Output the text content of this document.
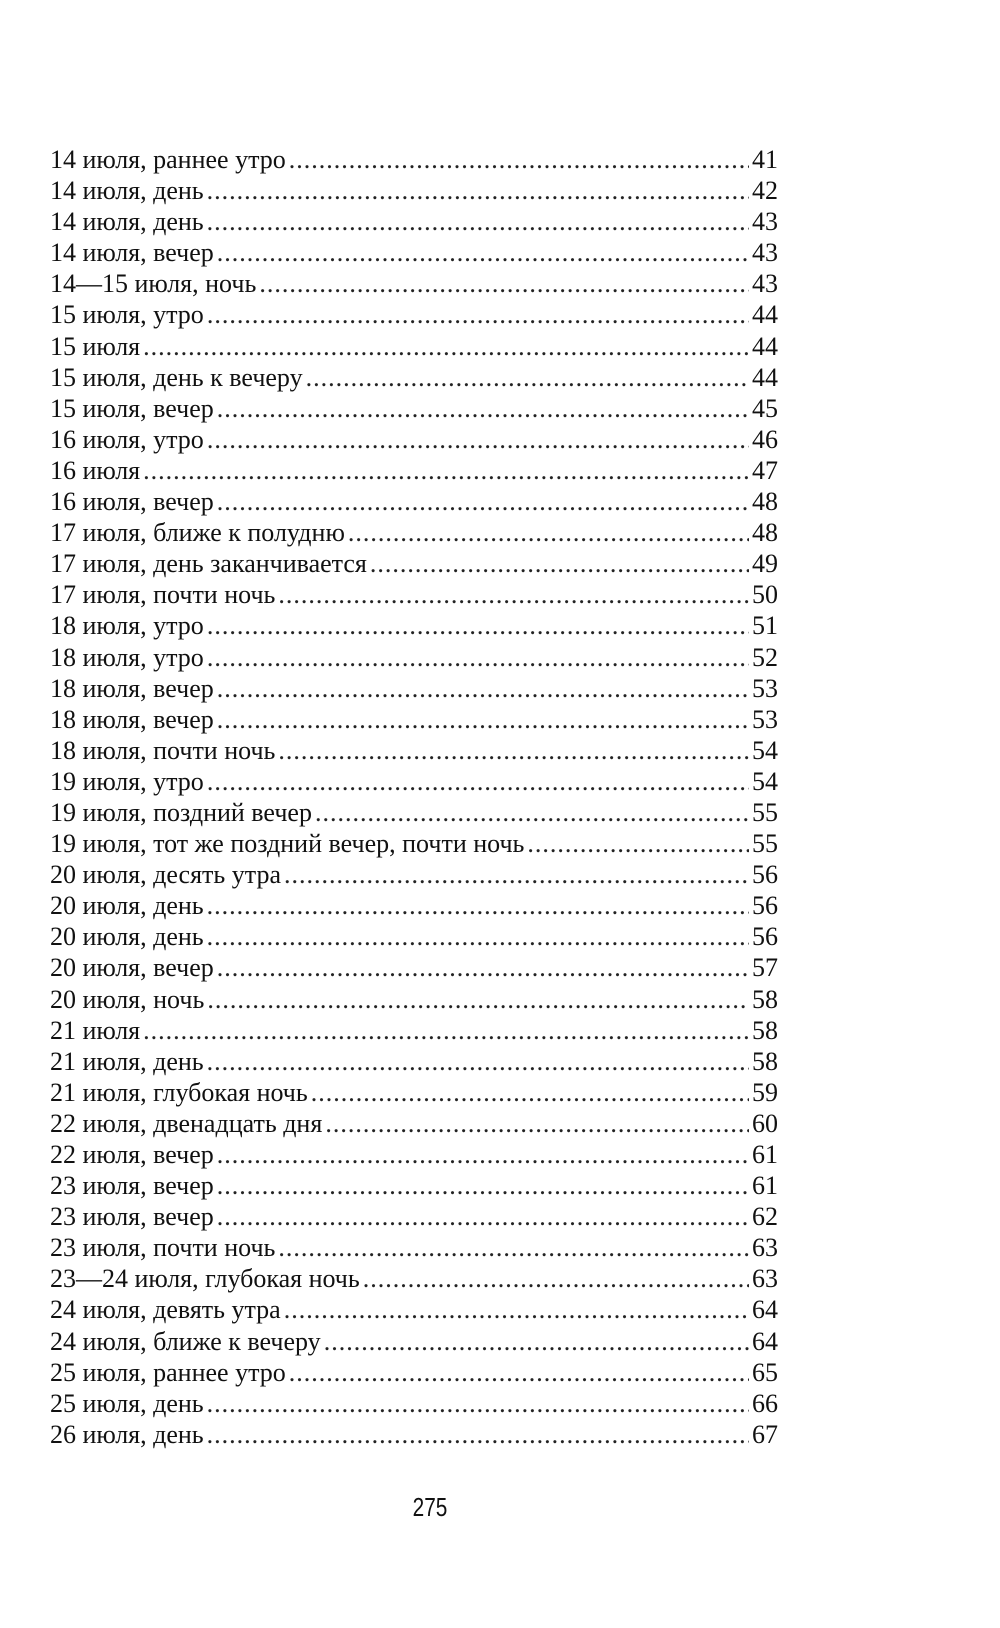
14 июля, раннее утро .....	41
14 июля, день .....	42
14 июля, день .....	43
14 июля, вечер .....	43
14—15 июля, ночь .....	43
15 июля, утро .....	44
15 июля .....	44
15 июля, день к вечеру .....	44
15 июля, вечер .....	45
16 июля, утро .....	46
16 июля .....	47
16 июля, вечер .....	48
17 июля, ближе к полудню .....	48
17 июля, день заканчивается .....	49
17 июля, почти ночь .....	50
18 июля, утро .....	51
18 июля, утро .....	52
18 июля, вечер .....	53
18 июля, вечер .....	53
18 июля, почти ночь .....	54
19 июля, утро .....	54
19 июля, поздний вечер .....	55
19 июля, тот же поздний вечер, почти ночь .....	55
20 июля, десять утра .....	56
20 июля, день .....	56
20 июля, день .....	56
20 июля, вечер .....	57
20 июля, ночь .....	58
21 июля .....	58
21 июля, день .....	58
21 июля, глубокая ночь .....	59
22 июля, двенадцать дня .....	60
22 июля, вечер .....	61
23 июля, вечер .....	61
23 июля, вечер .....	62
23 июля, почти ночь .....	63
23—24 июля, глубокая ночь .....	63
24 июля, девять утра .....	64
24 июля, ближе к вечеру .....	64
25 июля, раннее утро .....	65
25 июля, день .....	66
26 июля, день .....	67
275
